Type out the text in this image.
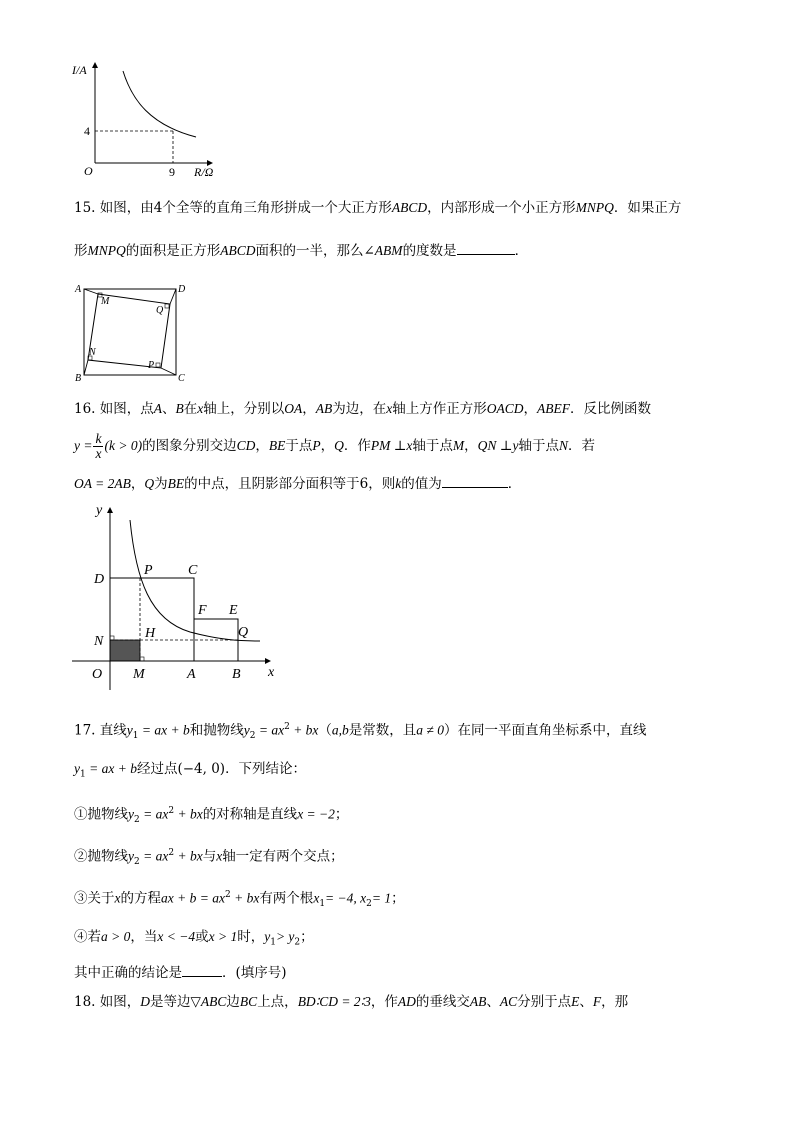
I/A
4
O	9 R/Ω
15. 如图，由4个全等的直角三角形拼成一个大正方形ABCD，内部形成一个小正方形MNPQ．如果正方
形MNPQ的面积是正方形ABCD面积的一半，那么∠ABM的度数是	．
A	D
B	C
M
Q
N
P
16. 如图，点A、B在x轴上，分别以OA，AB为边，在x轴上方作正方形OACD，ABEF．反比例函数
$y = \frac{k}{x} (k > 0)$的图象分别交边CD，BE于点P，Q．作PM ⊥x轴于点M，QN ⊥y轴于点N．若
OA = 2AB，Q为BE的中点，且阴影部分面积等于6，则k的值为	．
y
x
O M	A	B
D
N
P	C
F E
H	Q
17. 直线$y_1$ = ax + b和抛物线$y_2 = ax^2 + bx(a,b$是常数，且a ≠ 0）在同一平面直角坐标系中，直线
$y_1$ = ax + b经过点(−4, 0)．下列结论：
①抛物线$y_2 = ax^2$ + bx的对称轴是直线x = −2；
②抛物线$y_2 = ax^2$ + bx与x轴一定有两个交点；
③关于x的方程ax + $b = ax^2$ + bx有两个根$x_1= -4$, $x_2= 1$；
④若a > 0，当x < −4或x > 1时，$y_1> y_2$；
其中正确的结论是	．(填序号)
18. 如图，D是等边▽ABC边BC上点，BD∶CD = 2∶3，作AD的垂线交AB、AC分别于点E、F，那
